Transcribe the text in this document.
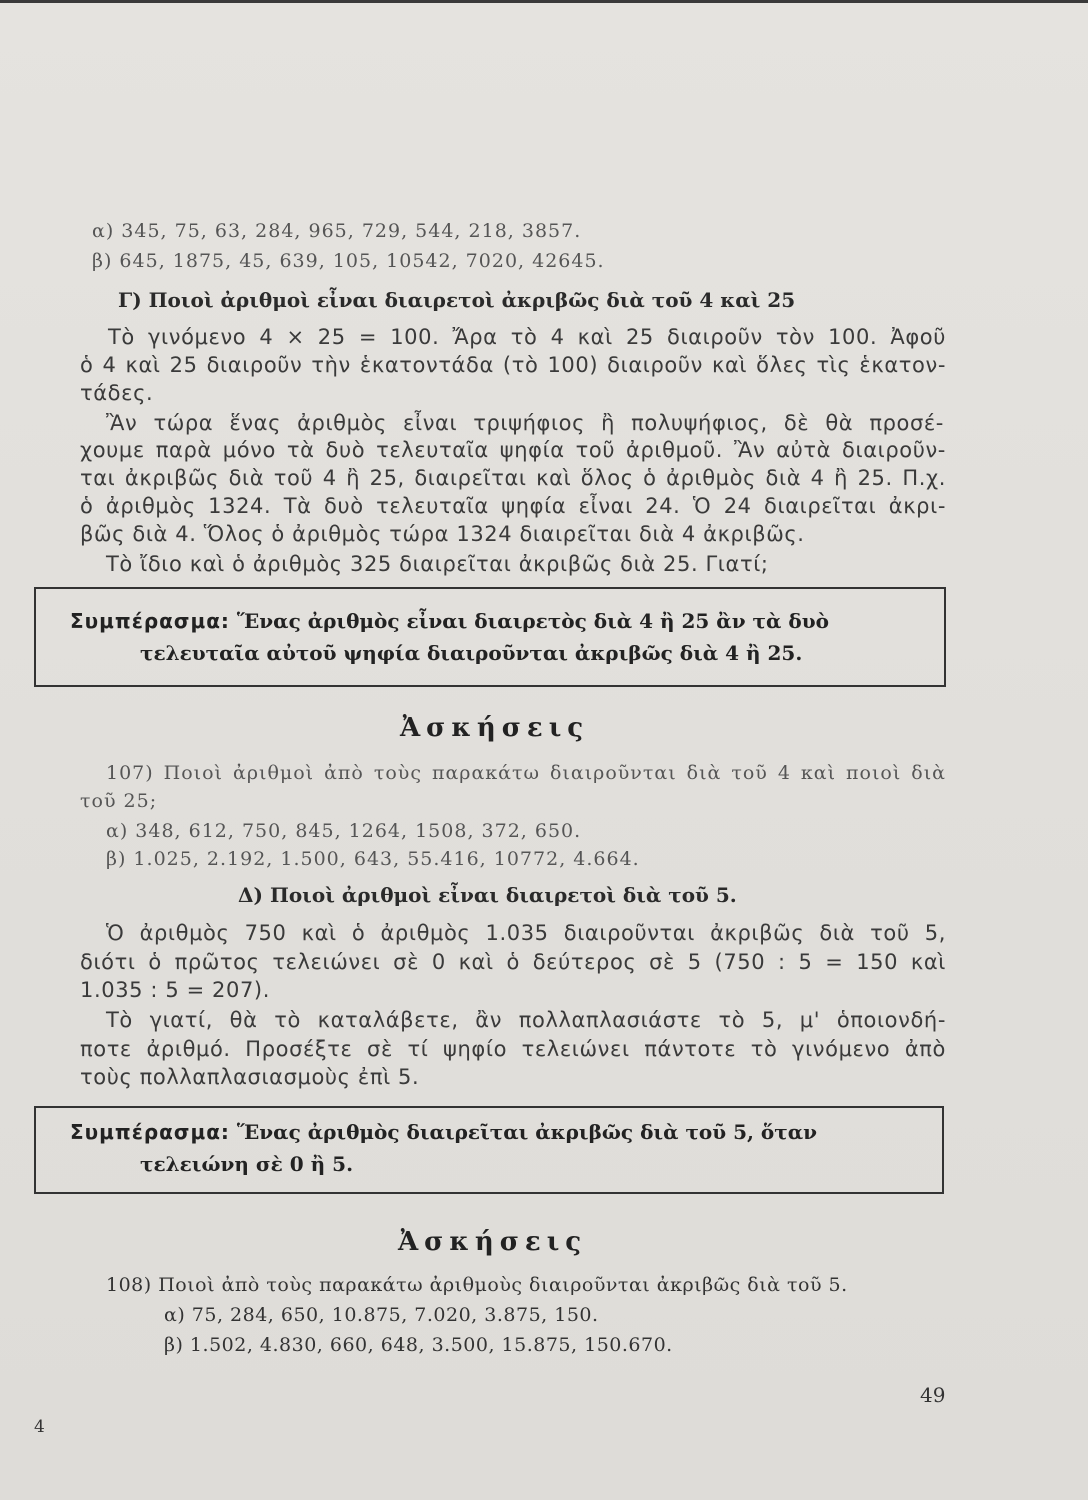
α) 345, 75, 63, 284, 965, 729, 544, 218, 3857.
β) 645, 1875, 45, 639, 105, 10542, 7020, 42645.
Γ) Ποιοὶ ἀριθμοὶ εἶναι διαιρετοὶ ἀκριβῶς διὰ τοῦ 4 καὶ 25
Τὸ γινόμενο 4 × 25 = 100. Ἄρα τὸ 4 καὶ 25 διαιροῦν τὸν 100. Ἀφοῦ
ὁ 4 καὶ 25 διαιροῦν τὴν ἑκατοντάδα (τὸ 100) διαιροῦν καὶ ὅλες τὶς ἑκατον-
τάδες.
Ἂν τώρα ἕνας ἀριθμὸς εἶναι τριψήφιος ἢ πολυψήφιος, δὲ θὰ προσέ-
χουμε παρὰ μόνο τὰ δυὸ τελευταῖα ψηφία τοῦ ἀριθμοῦ. Ἂν αὐτὰ διαιροῦν-
ται ἀκριβῶς διὰ τοῦ 4 ἢ 25, διαιρεῖται καὶ ὅλος ὁ ἀριθμὸς διὰ 4 ἢ 25. Π.χ.
ὁ ἀριθμὸς 1324. Τὰ δυὸ τελευταῖα ψηφία εἶναι 24. Ὁ 24 διαιρεῖται ἀκρι-
βῶς διὰ 4. Ὅλος ὁ ἀριθμὸς τώρα 1324 διαιρεῖται διὰ 4 ἀκριβῶς.
Τὸ ἴδιο καὶ ὁ ἀριθμὸς 325 διαιρεῖται ἀκριβῶς διὰ 25. Γιατί;
Συμπέρασμα: Ἕνας ἀριθμὸς εἶναι διαιρετὸς διὰ 4 ἢ 25 ἂν τὰ δυὸ
τελευταῖα αὐτοῦ ψηφία διαιροῦνται ἀκριβῶς διὰ 4 ἢ 25.
Ἀσκήσεις
107) Ποιοὶ ἀριθμοὶ ἀπὸ τοὺς παρακάτω διαιροῦνται διὰ τοῦ 4 καὶ ποιοὶ διὰ
τοῦ 25;
α) 348, 612, 750, 845, 1264, 1508, 372, 650.
β) 1.025, 2.192, 1.500, 643, 55.416, 10772, 4.664.
Δ) Ποιοὶ ἀριθμοὶ εἶναι διαιρετοὶ διὰ τοῦ 5.
Ὁ ἀριθμὸς 750 καὶ ὁ ἀριθμὸς 1.035 διαιροῦνται ἀκριβῶς διὰ τοῦ 5,
διότι ὁ πρῶτος τελειώνει σὲ 0 καὶ ὁ δεύτερος σὲ 5 (750 : 5 = 150 καὶ
1.035 : 5 = 207).
Τὸ γιατί, θὰ τὸ καταλάβετε, ἂν πολλαπλασιάστε τὸ 5, μ' ὁποιονδή-
ποτε ἀριθμό. Προσέξτε σὲ τί ψηφίο τελειώνει πάντοτε τὸ γινόμενο ἀπὸ
τοὺς πολλαπλασιασμοὺς ἐπὶ 5.
Συμπέρασμα: Ἕνας ἀριθμὸς διαιρεῖται ἀκριβῶς διὰ τοῦ 5, ὅταν
τελειώνη σὲ 0 ἢ 5.
Ἀσκήσεις
108) Ποιοὶ ἀπὸ τοὺς παρακάτω ἀριθμοὺς διαιροῦνται ἀκριβῶς διὰ τοῦ 5.
α) 75, 284, 650, 10.875, 7.020, 3.875, 150.
β) 1.502, 4.830, 660, 648, 3.500, 15.875, 150.670.
49
4
